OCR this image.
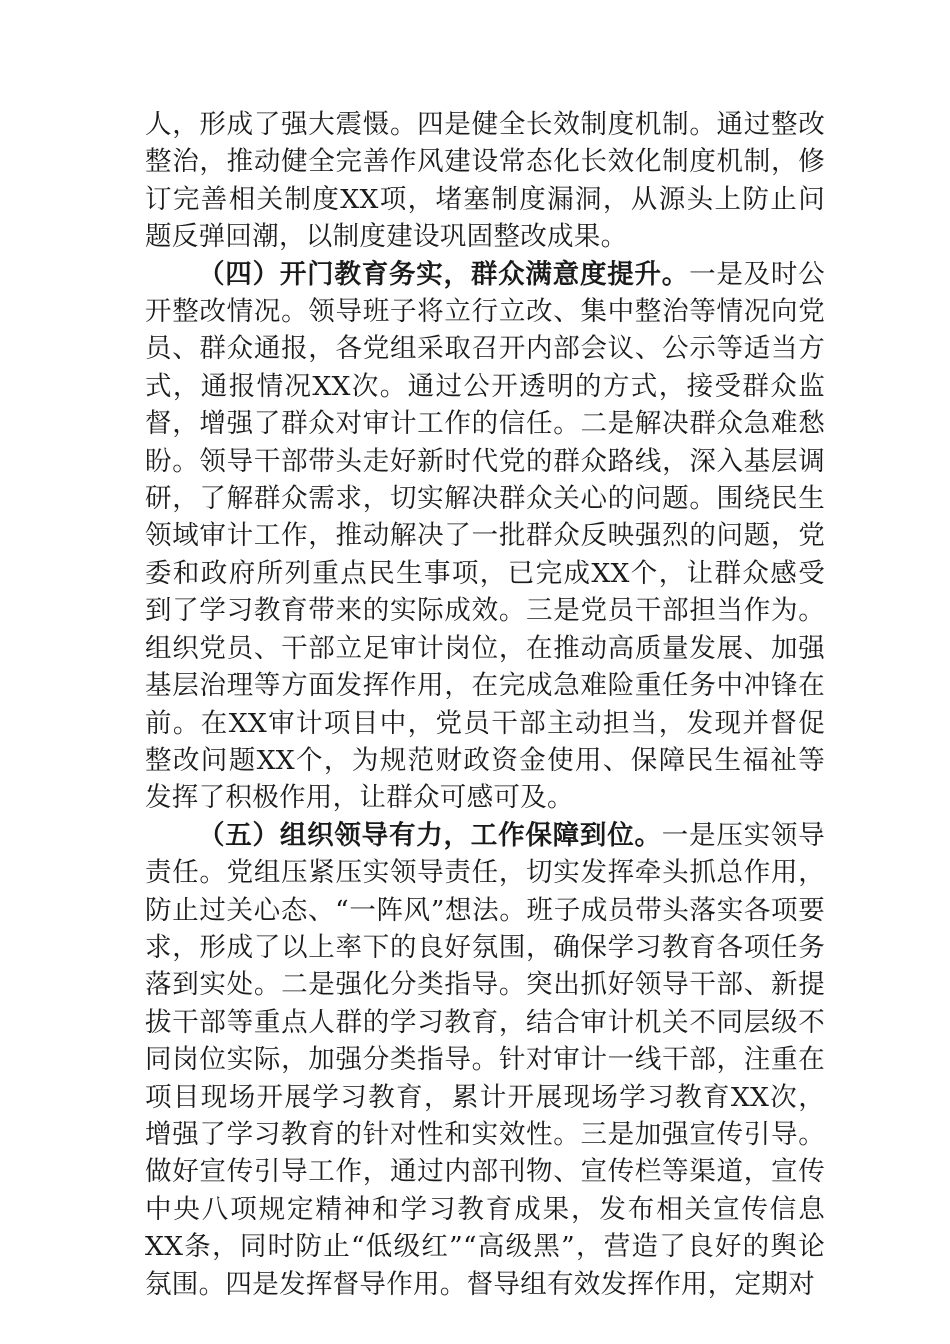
人，形成了强大震慑。四是健全长效制度机制。通过整改整治，推动健全完善作风建设常态化长效化制度机制，修订完善相关制度XX项，堵塞制度漏洞，从源头上防止问题反弹回潮，以制度建设巩固整改成果。

（四）开门教育务实，群众满意度提升。一是及时公开整改情况。领导班子将立行立改、集中整治等情况向党员、群众通报，各党组采取召开内部会议、公示等适当方式，通报情况XX次。通过公开透明的方式，接受群众监督，增强了群众对审计工作的信任。二是解决群众急难愁盼。领导干部带头走好新时代党的群众路线，深入基层调研，了解群众需求，切实解决群众关心的问题。围绕民生领域审计工作，推动解决了一批群众反映强烈的问题，党委和政府所列重点民生事项，已完成XX个，让群众感受到了学习教育带来的实际成效。三是党员干部担当作为。组织党员、干部立足审计岗位，在推动高质量发展、加强基层治理等方面发挥作用，在完成急难险重任务中冲锋在前。在XX审计项目中，党员干部主动担当，发现并督促整改问题XX个，为规范财政资金使用、保障民生福祉等发挥了积极作用，让群众可感可及。

（五）组织领导有力，工作保障到位。一是压实领导责任。党组压紧压实领导责任，切实发挥牵头抓总作用，防止过关心态、“一阵风”想法。班子成员带头落实各项要求，形成了以上率下的良好氛围，确保学习教育各项任务落到实处。二是强化分类指导。突出抓好领导干部、新提拔干部等重点人群的学习教育，结合审计机关不同层级不同岗位实际，加强分类指导。针对审计一线干部，注重在项目现场开展学习教育，累计开展现场学习教育XX次，增强了学习教育的针对性和实效性。三是加强宣传引导。做好宣传引导工作，通过内部刊物、宣传栏等渠道，宣传中央八项规定精神和学习教育成果，发布相关宣传信息XX条，同时防止“低级红”“高级黑”，营造了良好的舆论氛围。四是发挥督导作用。督导组有效发挥作用，定期对
